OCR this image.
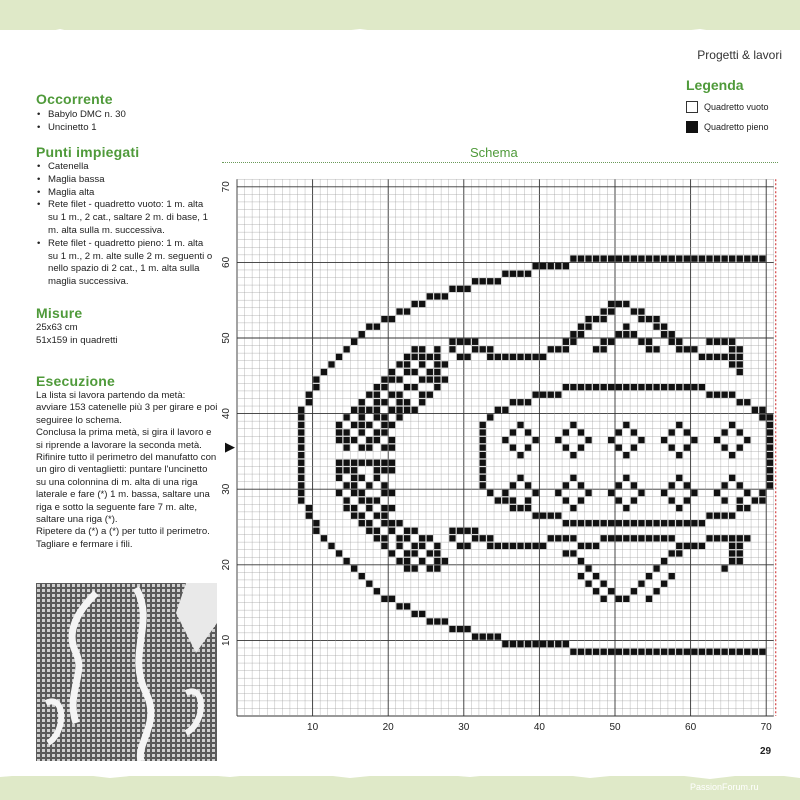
Progetti & lavori
Legenda
Quadretto vuoto
Quadretto pieno
Occorrente
• Babylo DMC n. 30
• Uncinetto 1
Punti impiegati
• Catenella
• Maglia bassa
• Maglia alta
• Rete filet - quadretto vuoto: 1 m. alta su 1 m., 2 cat., saltare 2 m. di base, 1 m. alta sulla m. successiva.
• Rete filet - quadretto pieno: 1 m. alta su 1 m., 2 m. alte sulle 2 m. seguenti o nello spazio di 2 cat., 1 m. alta sulla maglia successiva.
Misure
25x63 cm
51x159 in quadretti
Esecuzione
La lista si lavora partendo da metà: avviare 153 catenelle più 3 per girare e poi seguiree lo schema.
Conclusa la prima metà, si gira il lavoro e si riprende a lavorare la seconda metà.
Rifinire tutto il perimetro del manufatto con un giro di ventaglietti: puntare l'uncinetto su una colonnina di m. alta di una riga laterale e fare (*) 1 m. bassa, saltare una riga e sotto la seguente fare 7 m. alte, saltare una riga (*).
Ripetere da (*) a (*) per tutto il perimetro.
Tagliare e fermare i fili.
Schema
10	20	30	40	50	60	70
10
20
30
40
50
60
70
29
PassionForum.ru
